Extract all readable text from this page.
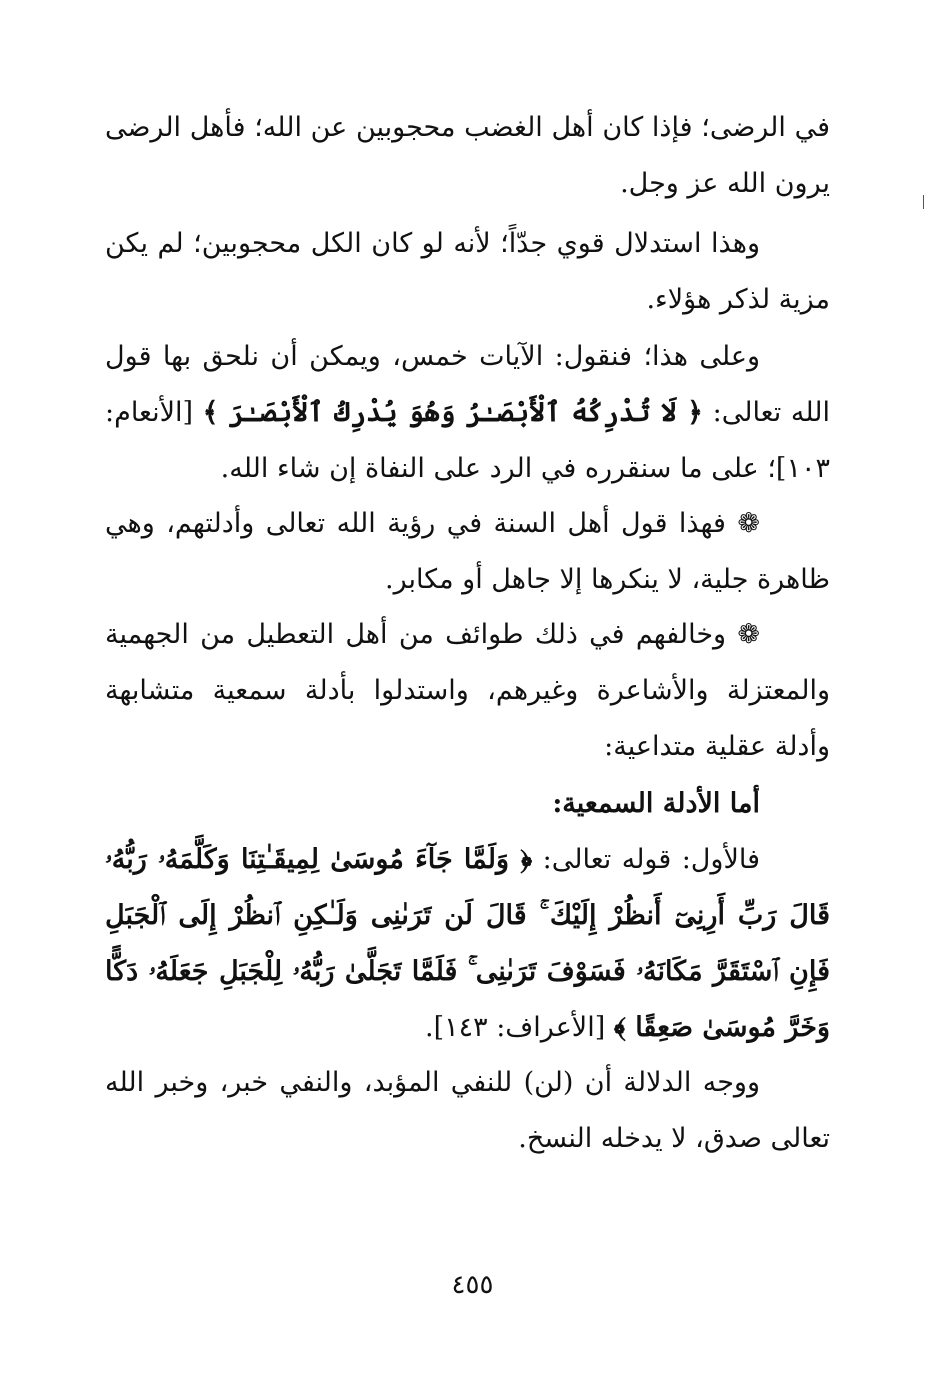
في الرضى؛ فإذا كان أهل الغضب محجوبين عن الله؛ فأهل الرضى يرون الله عز وجل.

وهذا استدلال قوي جدّاً؛ لأنه لو كان الكل محجوبين؛ لم يكن مزية لذكر هؤلاء.

وعلى هذا؛ فنقول: الآيات خمس، ويمكن أن نلحق بها قول الله تعالى: ﴿ لَا تُدْرِكُهُ ٱلْأَبْصَـٰرُ وَهُوَ يُدْرِكُ ٱلْأَبْصَـٰرَ ﴾ [الأنعام: ١٠٣]؛ على ما سنقرره في الرد على النفاة إن شاء الله.

❁ فهذا قول أهل السنة في رؤية الله تعالى وأدلتهم، وهي ظاهرة جلية، لا ينكرها إلا جاهل أو مكابر.

❁ وخالفهم في ذلك طوائف من أهل التعطيل من الجهمية والمعتزلة والأشاعرة وغيرهم، واستدلوا بأدلة سمعية متشابهة وأدلة عقلية متداعية:

أما الأدلة السمعية:

فالأول: قوله تعالى: ﴿ وَلَمَّا جَآءَ مُوسَىٰ لِمِيقَـٰتِنَا وَكَلَّمَهُۥ رَبُّهُۥ قَالَ رَبِّ أَرِنِىٓ أَنظُرْ إِلَيْكَ ۚ قَالَ لَن تَرَىٰنِى وَلَـٰكِنِ ٱنظُرْ إِلَى ٱلْجَبَلِ فَإِنِ ٱسْتَقَرَّ مَكَانَهُۥ فَسَوْفَ تَرَىٰنِى ۚ فَلَمَّا تَجَلَّىٰ رَبُّهُۥ لِلْجَبَلِ جَعَلَهُۥ دَكًّا وَخَرَّ مُوسَىٰ صَعِقًا ﴾ [الأعراف: ١٤٣].

ووجه الدلالة أن (لن) للنفي المؤبد، والنفي خبر، وخبر الله تعالى صدق، لا يدخله النسخ.

٤٥٥
